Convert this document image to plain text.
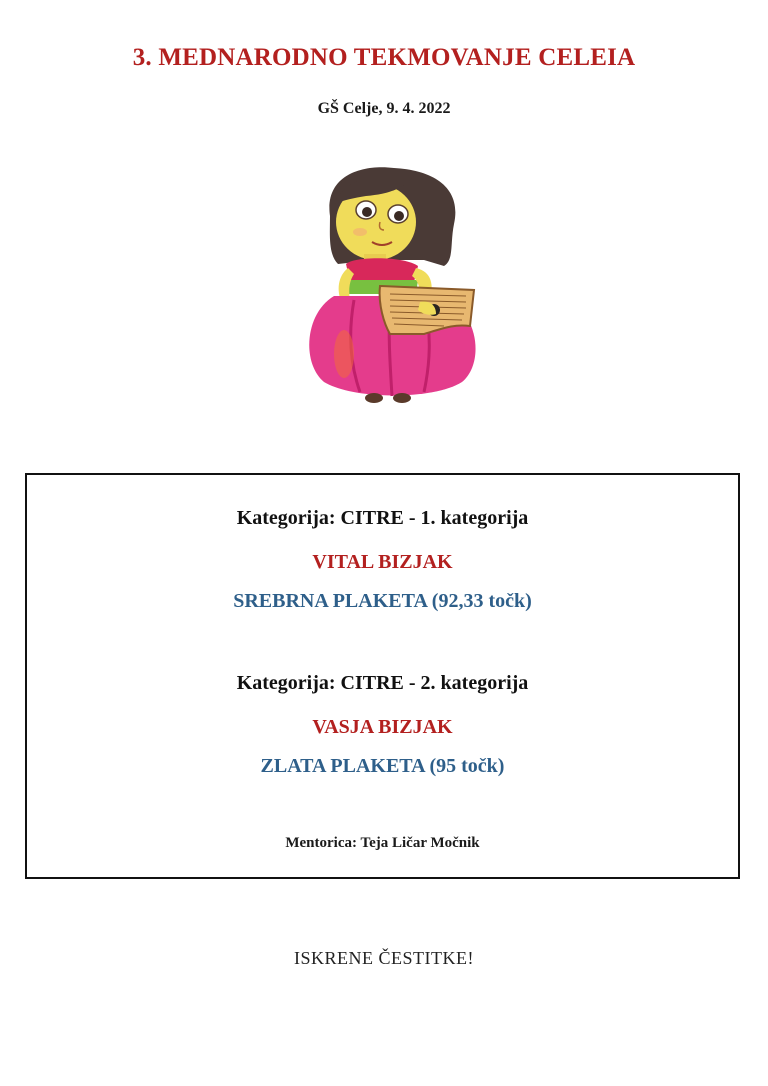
3. MEDNARODNO TEKMOVANJE CELEIA
GŠ Celje, 9. 4. 2022
Kategorija: CITRE - 1. kategorija
VITAL BIZJAK
SREBRNA PLAKETA (92,33 točk)
Kategorija: CITRE - 2. kategorija
VASJA BIZJAK
ZLATA PLAKETA (95 točk)
Mentorica: Teja Ličar Močnik
ISKRENE ČESTITKE!
